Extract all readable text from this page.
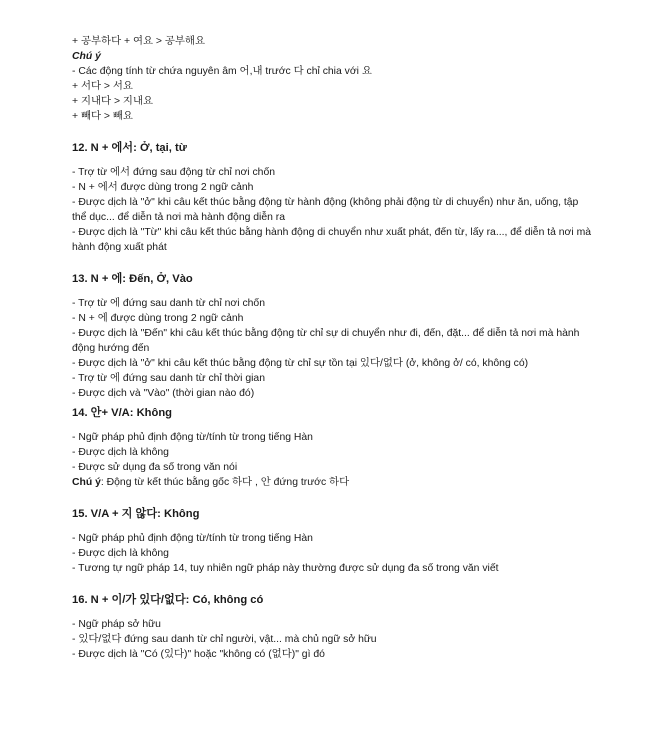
+ 공부하다 + 여요 > 공부해요
Chú ý
- Các động tính từ chứa nguyên âm 어,내 trước 다 chỉ chia với 요
+ 서다 > 서요
+ 지내다 > 지내요
+ 빼다 > 빼요
12. N + 에서: Ở, tại, từ
- Trợ từ 에서 đứng sau động từ chỉ nơi chốn
- N + 에서 được dùng trong 2 ngữ cảnh
- Được dịch là "ở" khi câu kết thúc bằng động từ hành động (không phải động từ di chuyển) như ăn, uống, tập thể dục... để diễn tả nơi mà hành động diễn ra
- Được dịch là "Từ" khi câu kết thúc bằng hành động di chuyển như xuất phát, đến từ, lấy ra..., để diễn tả nơi mà hành động xuất phát
13. N + 에: Đến, Ở, Vào
- Trợ từ 에 đứng sau danh từ chỉ nơi chốn
- N + 에 được dùng trong 2 ngữ cảnh
- Được dịch là "Đến" khi câu kết thúc bằng động từ chỉ sự di chuyển như đi, đến, đặt... để diễn tả nơi mà hành động hướng đến
- Được dịch là "ở" khi câu kết thúc bằng động từ chỉ sự tồn tại 있다/없다 (ở, không ở/ có, không có)
- Trợ từ 에 đứng sau danh từ chỉ thời gian
- Được dịch và "Vào" (thời gian nào đó)
14. 안+ V/A: Không
- Ngữ pháp phủ định động từ/tính từ trong tiếng Hàn
- Được dịch là không
- Được sử dụng đa số trong văn nói
Chú ý: Động từ kết thúc bằng gốc 하다 , 안 đứng trước 하다
15. V/A + 지 않다: Không
- Ngữ pháp phủ định động từ/tính từ trong tiếng Hàn
- Được dịch là không
- Tương tự ngữ pháp 14, tuy nhiên ngữ pháp này thường được sử dụng đa số trong văn viết
16. N + 이/가 있다/없다: Có, không có
- Ngữ pháp sở hữu
- 있다/없다 đứng sau danh từ chỉ người, vật... mà chủ ngữ sở hữu
- Được dịch là "Có (있다)" hoặc "không có (없다)" gì đó
